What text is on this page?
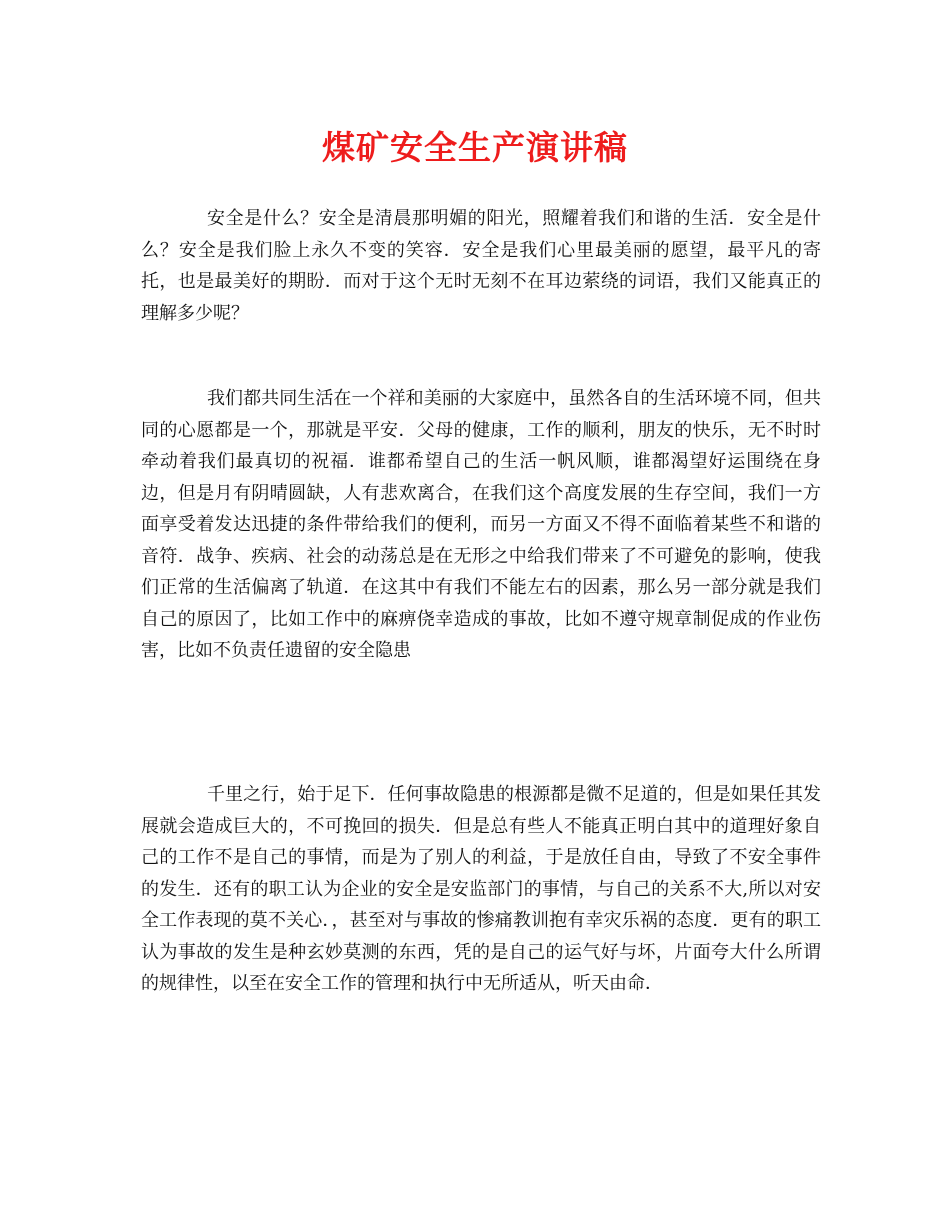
煤矿安全生产演讲稿

安全是什么？安全是清晨那明媚的阳光，照耀着我们和谐的生活．安全是什么？安全是我们脸上永久不变的笑容．安全是我们心里最美丽的愿望，最平凡的寄托，也是最美好的期盼．而对于这个无时无刻不在耳边萦绕的词语，我们又能真正的理解多少呢？

我们都共同生活在一个祥和美丽的大家庭中，虽然各自的生活环境不同，但共同的心愿都是一个，那就是平安．父母的健康，工作的顺利，朋友的快乐，无不时时牵动着我们最真切的祝福．谁都希望自己的生活一帆风顺，谁都渴望好运围绕在身边，但是月有阴晴圆缺，人有悲欢离合，在我们这个高度发展的生存空间，我们一方面享受着发达迅捷的条件带给我们的便利，而另一方面又不得不面临着某些不和谐的音符．战争、疾病、社会的动荡总是在无形之中给我们带来了不可避免的影响，使我们正常的生活偏离了轨道．在这其中有我们不能左右的因素，那么另一部分就是我们自己的原因了，比如工作中的麻痹侥幸造成的事故，比如不遵守规章制促成的作业伤害，比如不负责任遗留的安全隐患

千里之行，始于足下．任何事故隐患的根源都是微不足道的，但是如果任其发展就会造成巨大的，不可挽回的损失．但是总有些人不能真正明白其中的道理好象自己的工作不是自己的事情，而是为了别人的利益，于是放任自由，导致了不安全事件的发生．还有的职工认为企业的安全是安监部门的事情，与自己的关系不大,所以对安全工作表现的莫不关心．，甚至对与事故的惨痛教训抱有幸灾乐祸的态度．更有的职工认为事故的发生是种玄妙莫测的东西，凭的是自己的运气好与坏，片面夸大什么所谓的规律性，以至在安全工作的管理和执行中无所适从，听天由命．
